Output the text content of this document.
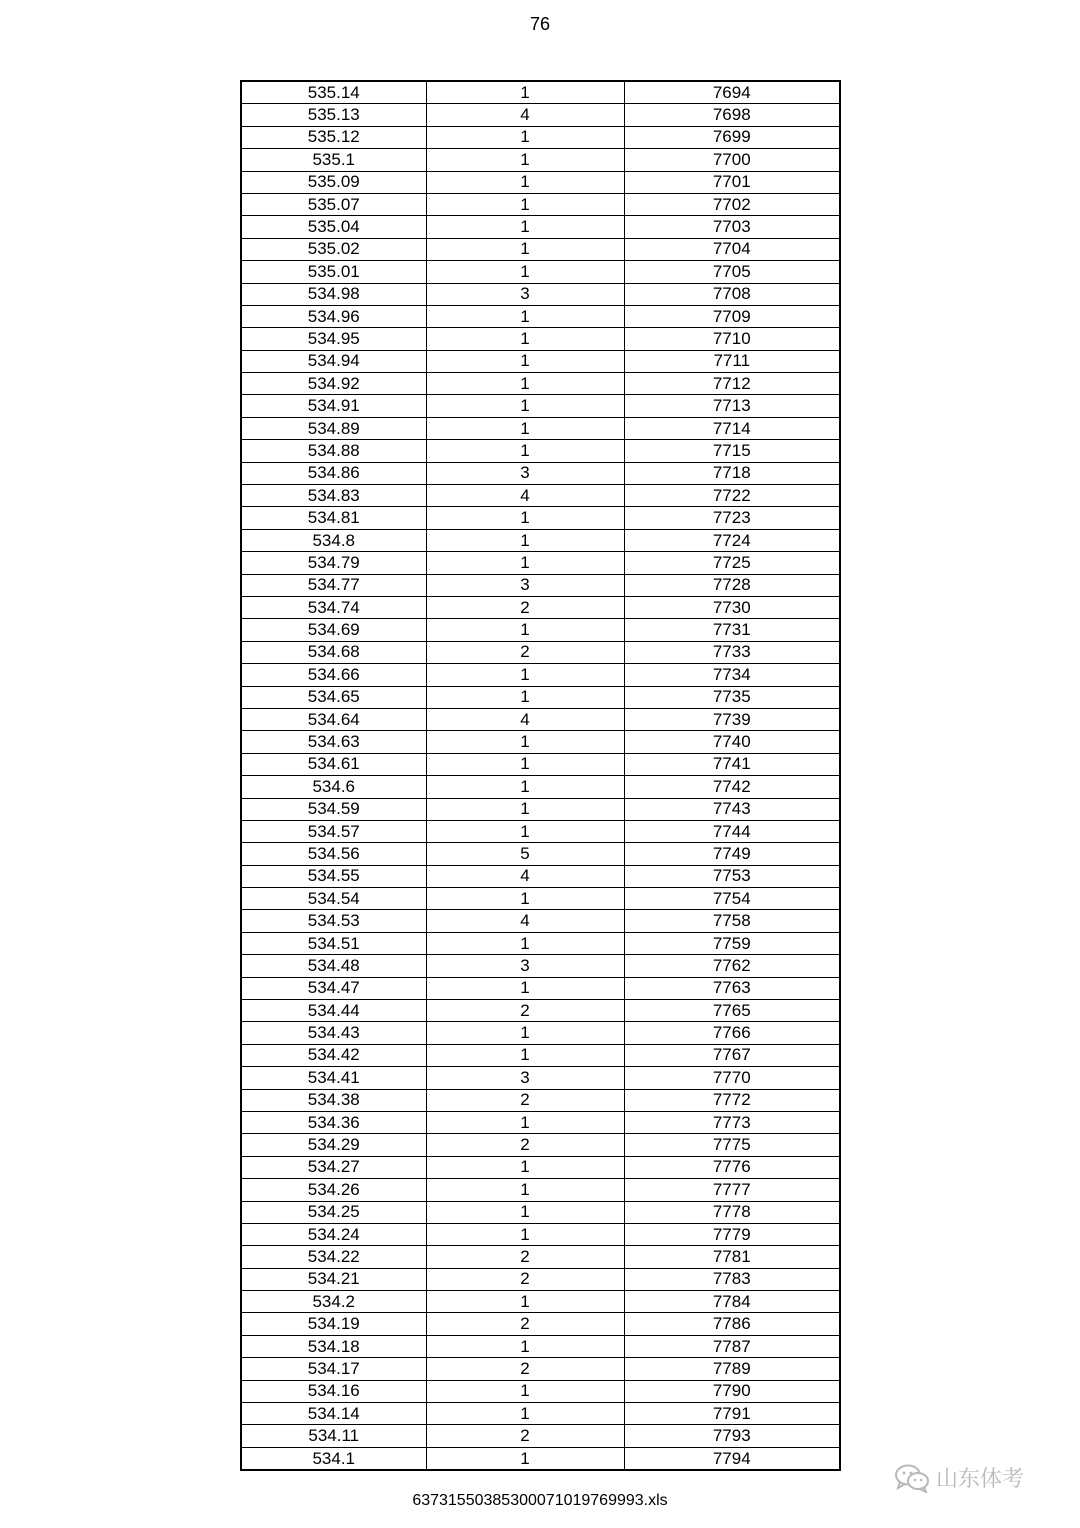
76
535.14	1	7694
535.13	4	7698
535.12	1	7699
535.1	1	7700
535.09	1	7701
535.07	1	7702
535.04	1	7703
535.02	1	7704
535.01	1	7705
534.98	3	7708
534.96	1	7709
534.95	1	7710
534.94	1	7711
534.92	1	7712
534.91	1	7713
534.89	1	7714
534.88	1	7715
534.86	3	7718
534.83	4	7722
534.81	1	7723
534.8	1	7724
534.79	1	7725
534.77	3	7728
534.74	2	7730
534.69	1	7731
534.68	2	7733
534.66	1	7734
534.65	1	7735
534.64	4	7739
534.63	1	7740
534.61	1	7741
534.6	1	7742
534.59	1	7743
534.57	1	7744
534.56	5	7749
534.55	4	7753
534.54	1	7754
534.53	4	7758
534.51	1	7759
534.48	3	7762
534.47	1	7763
534.44	2	7765
534.43	1	7766
534.42	1	7767
534.41	3	7770
534.38	2	7772
534.36	1	7773
534.29	2	7775
534.27	1	7776
534.26	1	7777
534.25	1	7778
534.24	1	7779
534.22	2	7781
534.21	2	7783
534.2	1	7784
534.19	2	7786
534.18	1	7787
534.17	2	7789
534.16	1	7790
534.14	1	7791
534.11	2	7793
534.1	1	7794
63731550385300071019769993.xls
山东体考
